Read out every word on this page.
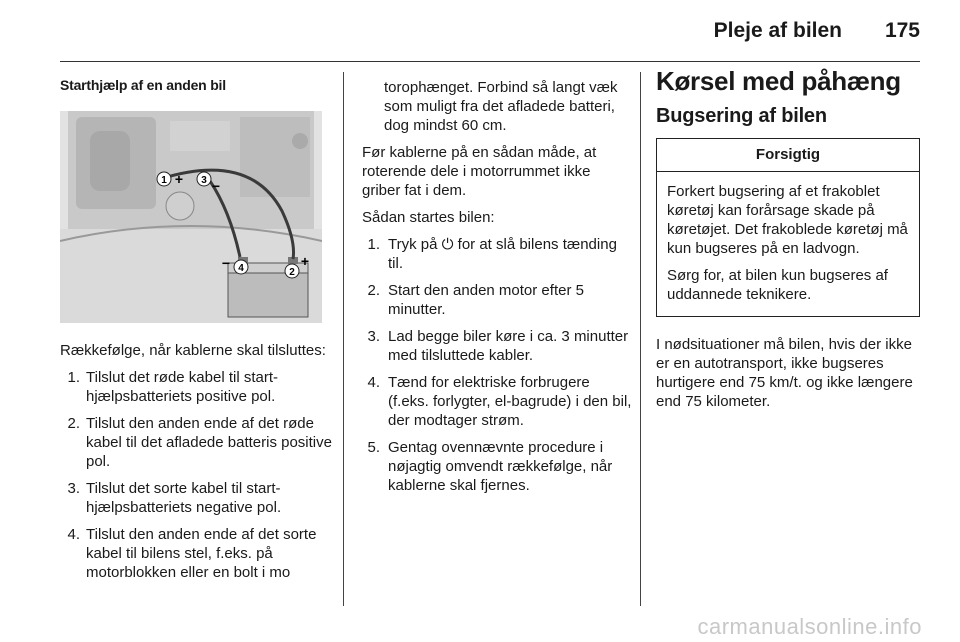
Pleje af bilen 175
Starthjælp af en anden bil
1 + 3 −
4
−
2
+

Rækkefølge, når kablerne skal tilsluttes:

1. Tilslut det røde kabel til starthjælpsbatteriets positive pol.
2. Tilslut den anden ende af det røde kabel til det afladede batteris positive pol.
3. Tilslut det sorte kabel til starthjælpsbatteriets negative pol.
4. Tilslut den anden ende af det sorte kabel til bilens stel, f.eks. på motorblokken eller en bolt i mo
torophænget. Forbind så langt væk som muligt fra det afladede batteri, dog mindst 60 cm.

Før kablerne på en sådan måde, at roterende dele i motorrummet ikke griber fat i dem.

Sådan startes bilen:

1. Tryk på ⏻ for at slå bilens tænding til.
2. Start den anden motor efter 5 minutter.
3. Lad begge biler køre i ca. 3 minutter med tilsluttede kabler.
4. Tænd for elektriske forbrugere (f.eks. forlygter, el-bagrude) i den bil, der modtager strøm.
5. Gentag ovennævnte procedure i nøjagtig omvendt rækkefølge, når kablerne skal fjernes.
Kørsel med påhæng
Bugsering af bilen
Forsigtig

Forkert bugsering af et frakoblet køretøj kan forårsage skade på køretøjet. Det frakoblede køretøj må kun bugseres på en ladvogn.

Sørg for, at bilen kun bugseres af uddannede teknikere.

I nødsituationer må bilen, hvis der ikke er en autotransport, ikke bugseres hurtigere end 75 km/t. og ikke længere end 75 kilometer.

carmanualsonline.info
